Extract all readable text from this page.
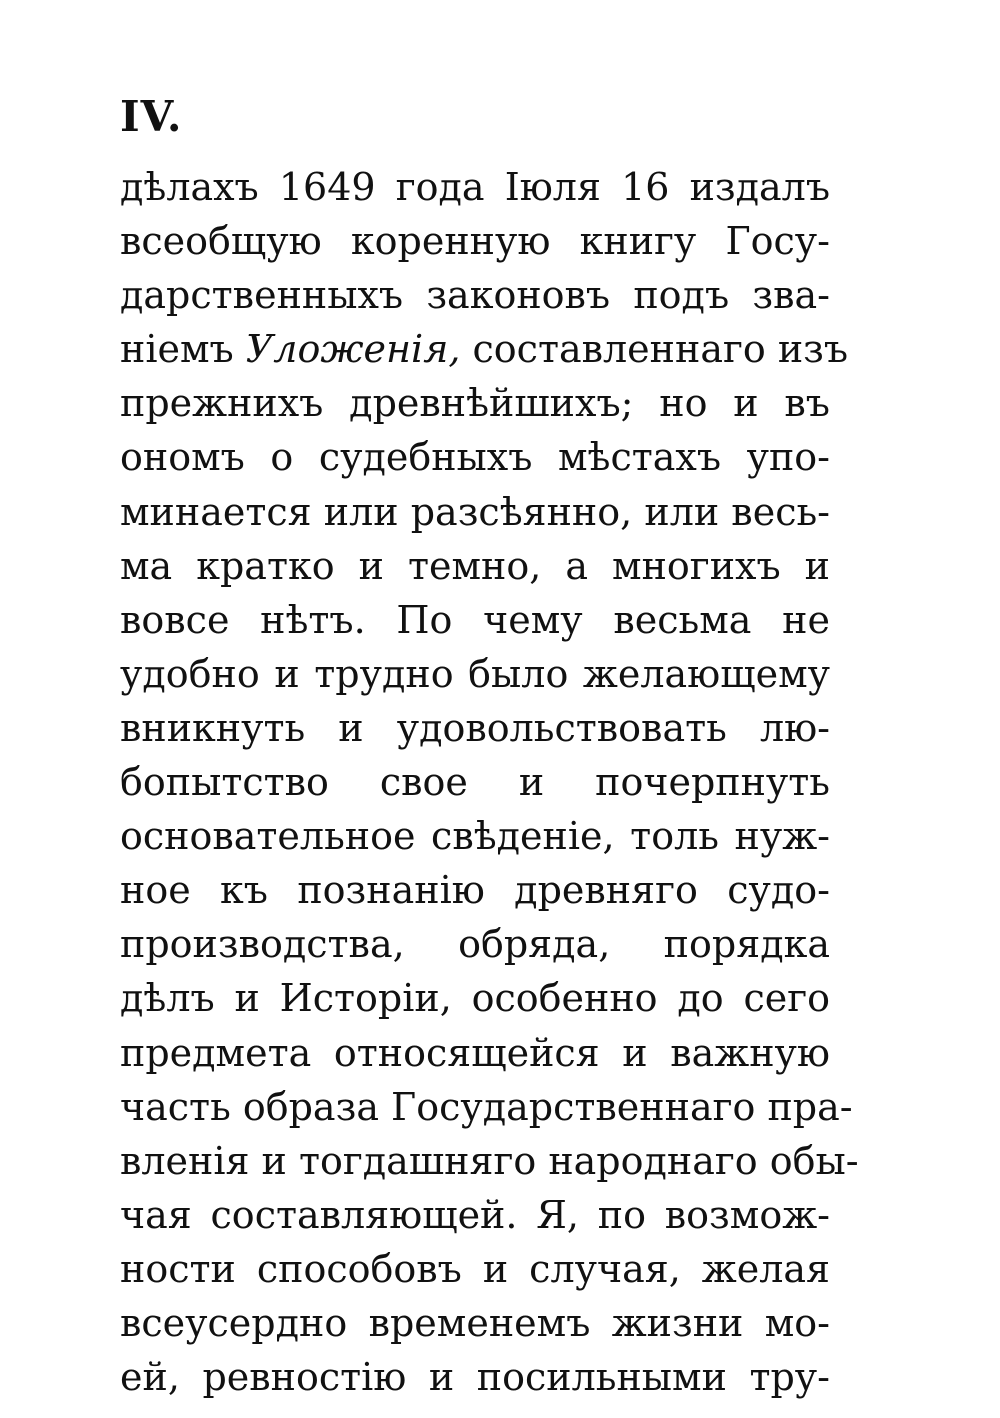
IV.
дѣлахъ 1649 года Іюля 16 издалъ
всеобщую коренную книгу Госу-
дарственныхъ законовъ подъ зва-
ніемъ Уложенія, составленнаго изъ
прежнихъ древнѣйшихъ; но и въ
ономъ о судебныхъ мѣстахъ упо-
минается или разсѣянно, или весь-
ма кратко и темно, а многихъ и
вовсе нѣтъ. По чему весьма не
удобно и трудно было желающему
вникнуть и удовольствовать лю-
бопытство свое и почерпнуть
основательное свѣденіе, толь нуж-
ное къ познанію древняго судо-
производства, обряда, порядка
дѣлъ и Исторіи, особенно до сего
предмета относящейся и важную
часть образа Государственнаго пра-
вленія и тогдашняго народнаго обы-
чая составляющей. Я, по возмож-
ности способовъ и случая, желая
всеусердно временемъ жизни мо-
ей, ревностію и посильными тру-
